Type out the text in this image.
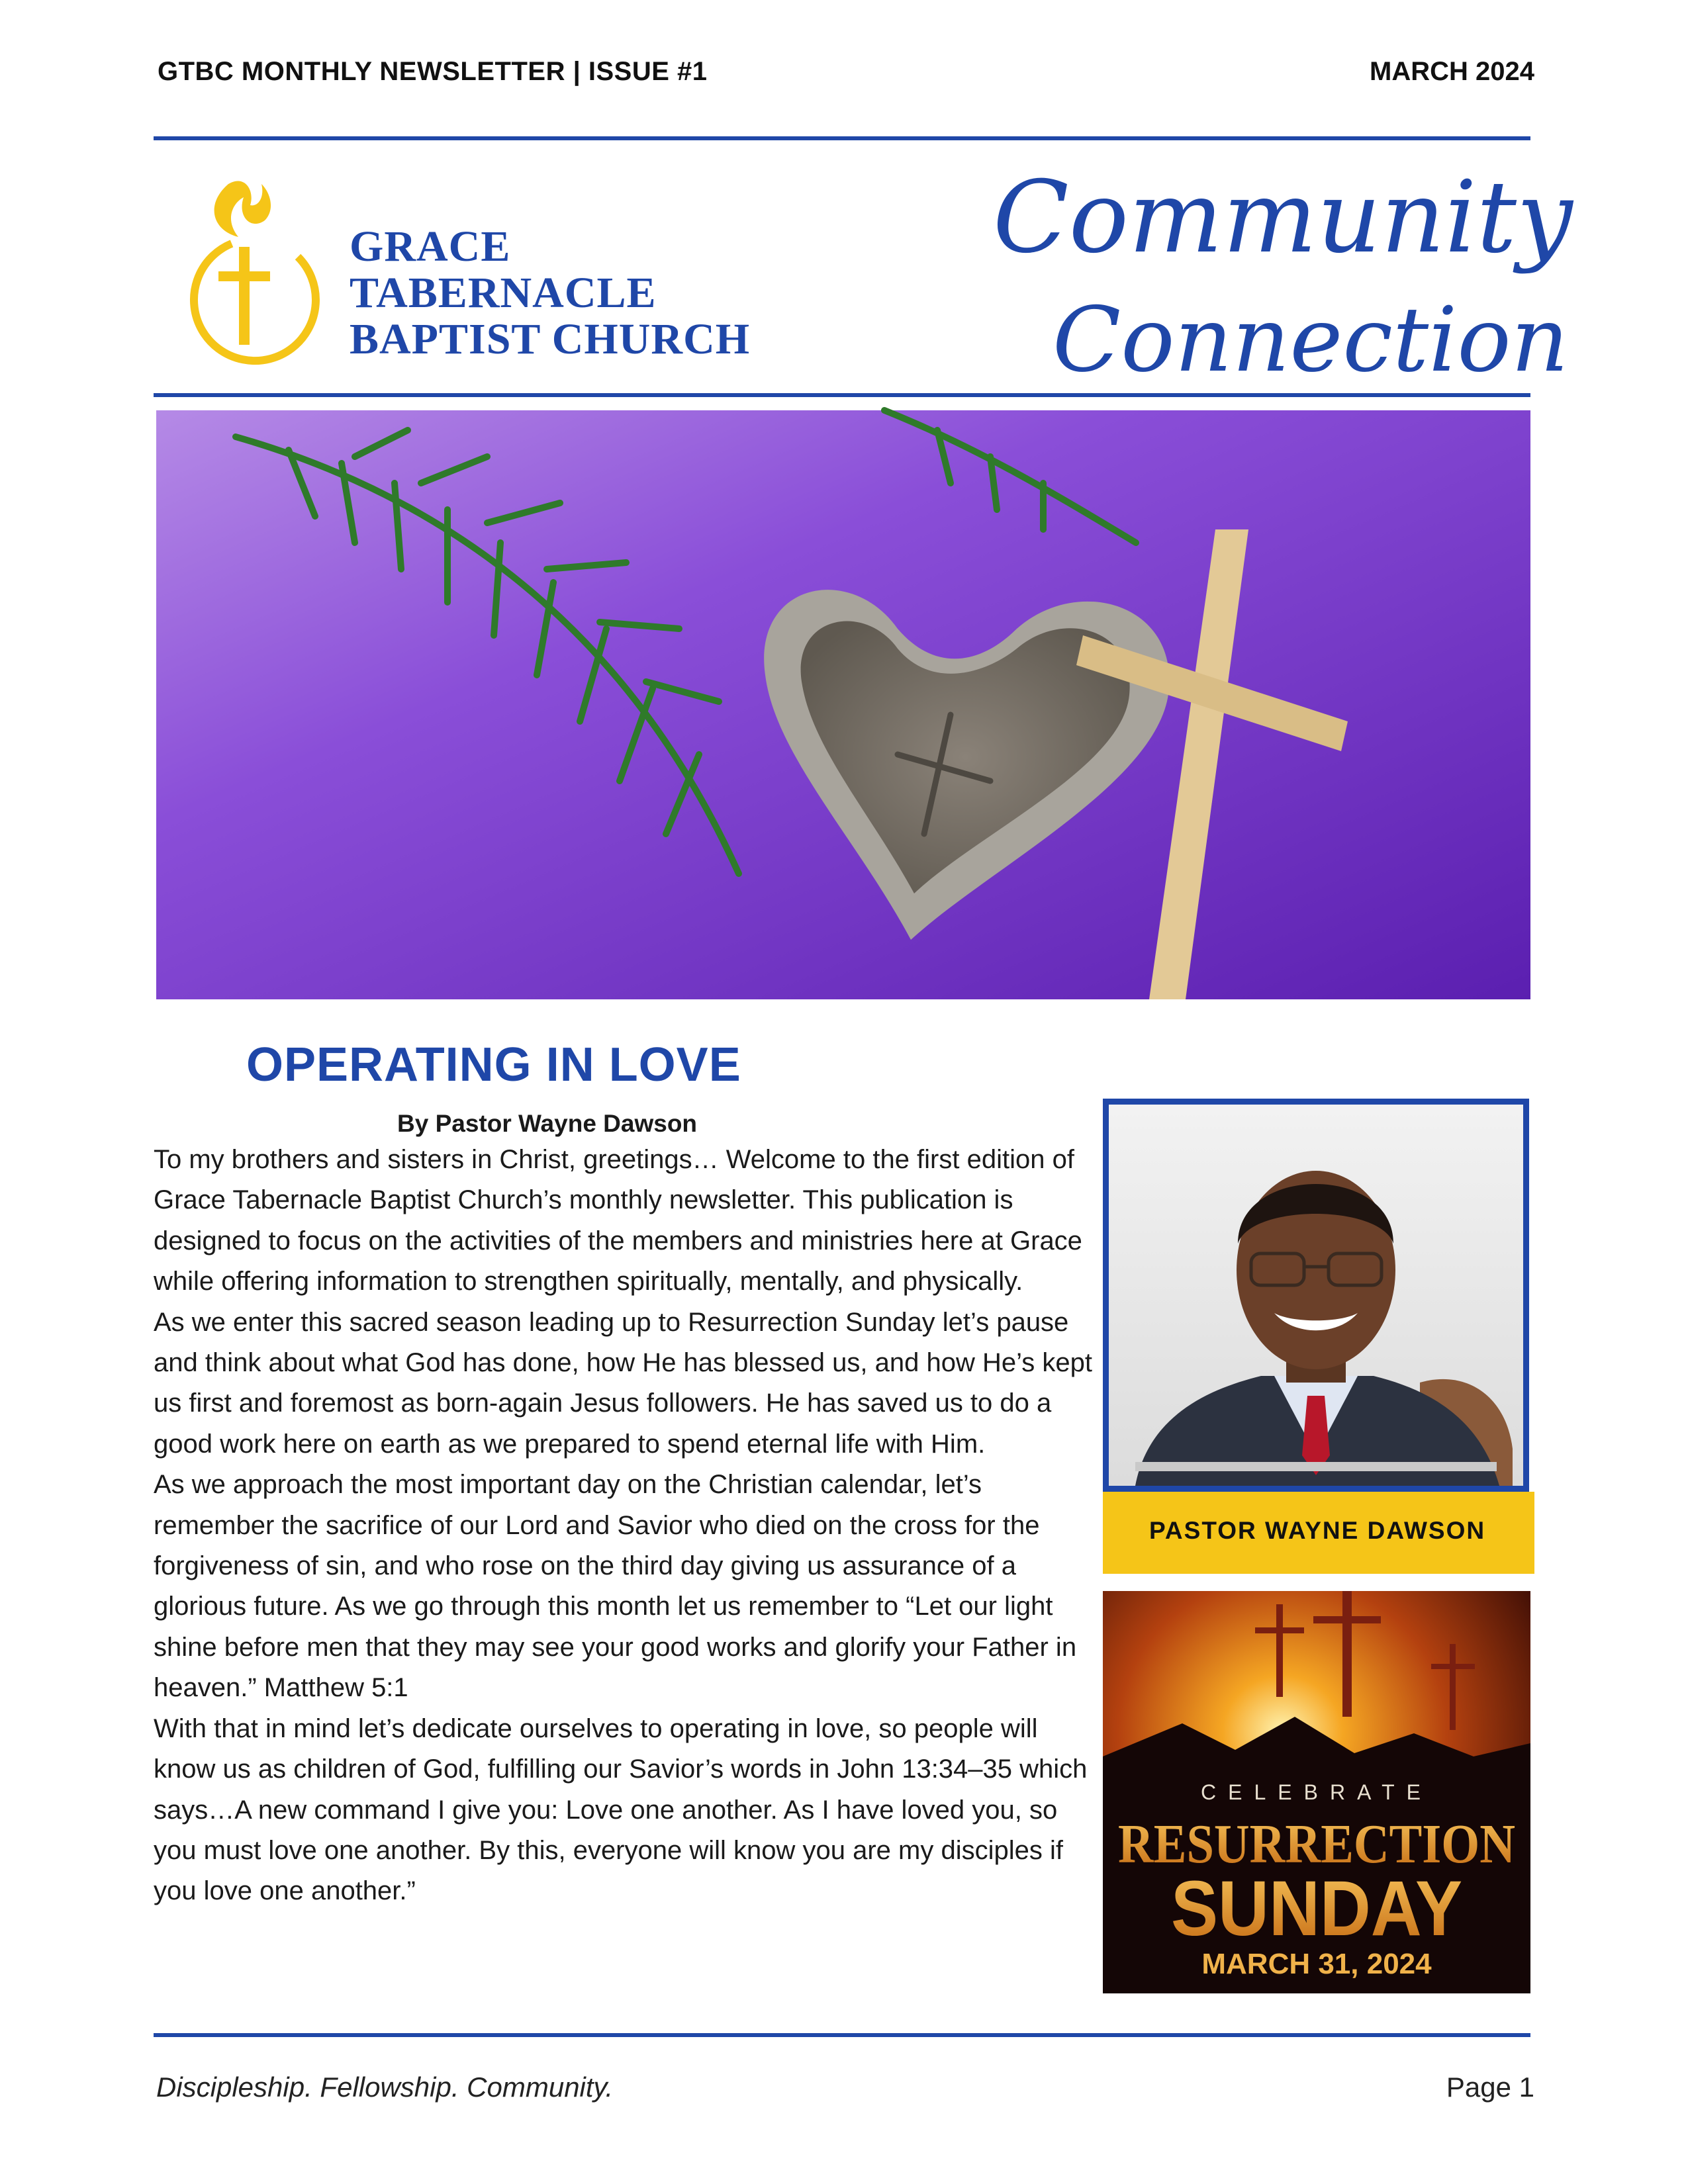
GTBC MONTHLY NEWSLETTER | ISSUE #1	MARCH 2024
GRACE
TABERNACLE
BAPTIST CHURCH
Community
Connection
OPERATING IN LOVE
By Pastor Wayne Dawson

To my brothers and sisters in Christ, greetings… Welcome to the first edition of Grace Tabernacle Baptist Church’s monthly newsletter. This publication is designed to focus on the activities of the members and ministries here at Grace while offering information to strengthen spiritually, mentally, and physically.

As we enter this sacred season leading up to Resurrection Sunday let’s pause and think about what God has done, how He has blessed us, and how He’s kept us first and foremost as born-again Jesus followers. He has saved us to do a good work here on earth as we prepared to spend eternal life with Him.

As we approach the most important day on the Christian calendar, let’s remember the sacrifice of our Lord and Savior who died on the cross for the forgiveness of sin, and who rose on the third day giving us assurance of a glorious future. As we go through this month let us remember to “Let our light shine before men that they may see your good works and glorify your Father in heaven.” Matthew 5:1

With that in mind let’s dedicate ourselves to operating in love, so people will know us as children of God, fulfilling our Savior’s words in John 13:34–35 which says…A new command I give you: Love one another. As I have loved you, so you must love one another. By this, everyone will know you are my disciples if you love one another.”

PASTOR WAYNE DAWSON
CELEBRATE
RESURRECTION
SUNDAY
MARCH 31, 2024
Discipleship. Fellowship. Community.	Page 1
